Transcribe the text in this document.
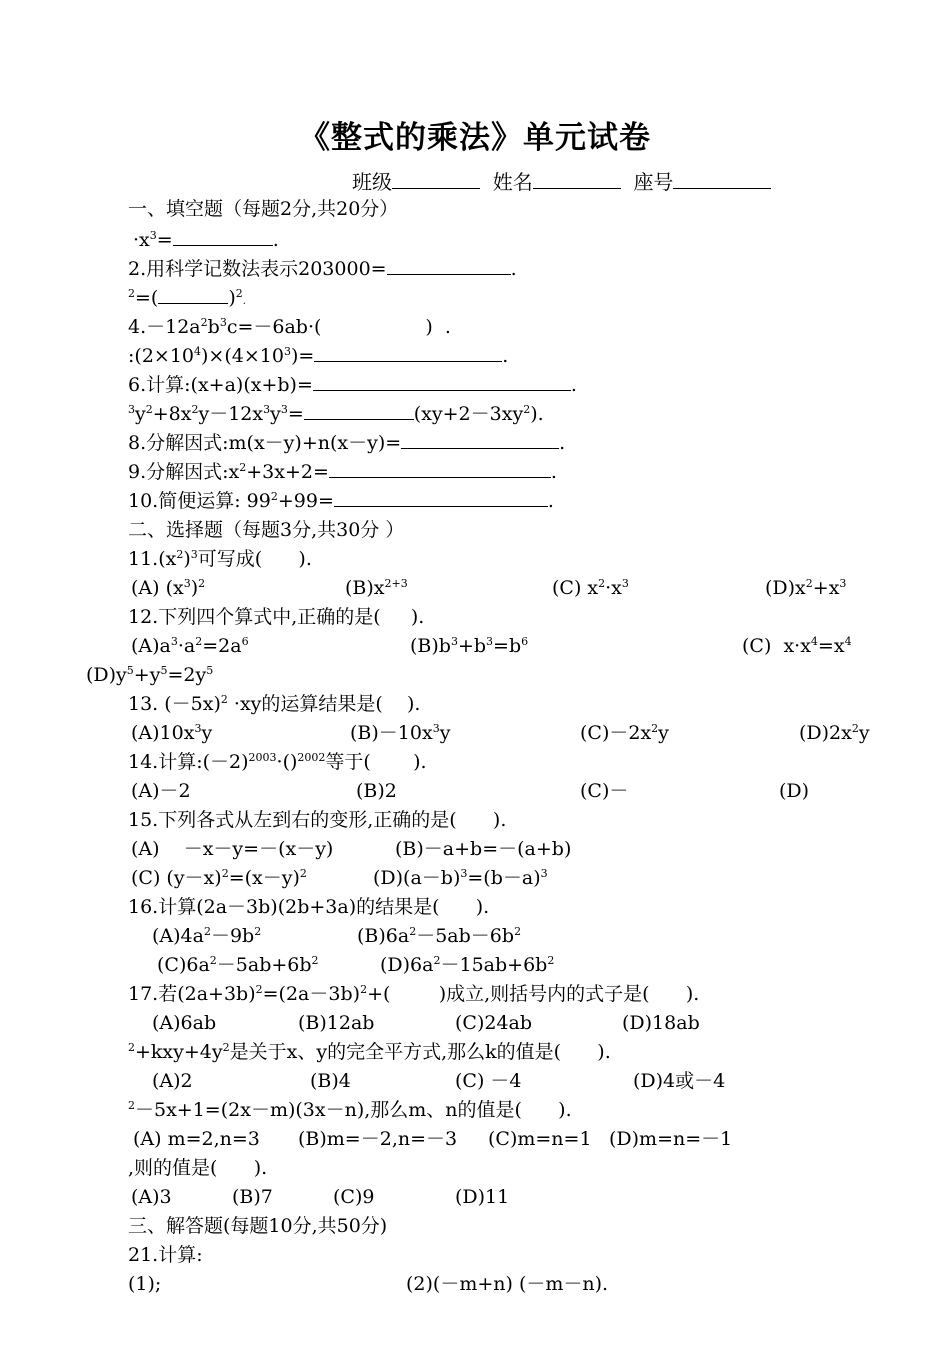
《整式的乘法》单元试卷
班级	姓名	座号
一、填空题（每题2分,共20分）
$\cdot x^3=$	.
2.用科学记数法表示203000=	.
$^2$=(	)$^2$.
$4.-12a^2b^3c=-6ab\cdot$(	)  .
$:(2\times 10^4)\times(4\times 10^3)=$	.
6.计算:(x+a)(x+b)=	.
$^3y^2+8x^2y-12x^3y^3=$	$(xy+2-3xy^2)$.
8.分解因式:m(x－y)+n(x－y)=	.
9.分解因式$:x^2+3x+2=$	.
10.简便运算: $99^2+99=$	.
二、选择题（每题3分,共30分 ）
$11.(x^2)^3$可写成(      ).
(A) $(x^3)^2$	$(B)x^{2+3}$	(C) $x^2\cdot x^3$	$(D)x^2+x^3$
12.下列四个算式中,正确的是(     ).
$(A)a^3\cdot a^2=2a^6$	$(B)b^3+b^3=b^6$	(C)  $x\cdot x^4=x^4$
$(D)y^5+y^5=2y^5$
13. $(-5x)^2 \cdot xy$的运算结果是(    ).
$(A)10x^3y$	$(B)-10x^3y$	$(C)-2x^2y$	$(D)2x^2y$
14.计算$:(-2)^{2003}\cdot()^{2002}$等于(       ).
(A)－2	(B)2	(C)－	(D)
15.下列各式从左到右的变形,正确的是(      ).
(A)    －x－y=－(x－y)	(B)－a+b=－(a+b)
(C) $(y-x)^2=(x-y)^2$	$(D)(a-b)^3=(b-a)^3$
16.计算(2a－3b)(2b+3a)的结果是(      ).
$(A)4a^2-9b^2$	$(B)6a^2-5ab-6b^2$
$(C)6a^2-5ab+6b^2$	$(D)6a^2-15ab+6b^2$
17.若$(2a+3b)^2=(2a-3b)^2+$(        )成立,则括号内的式子是(      ).
(A)6ab	(B)12ab	(C)24ab	(D)18ab
$^2+kxy+4y^2$是关于x、y的完全平方式,那么k的值是(      ).
(A)2	(B)4	(C) －4	(D)4或－4
$^2$－5x+1=(2x－m)(3x－n),那么m、n的值是(      ).
(A) m=2,n=3 (B)m=－2,n=－3 (C)m=n=1 (D)m=n=－1
,则的值是(      ).
(A)3	(B)7	(C)9	(D)11
三、解答题(每题10分,共50分)
21.计算:
(1);	(2)(－m+n) (－m－n).
